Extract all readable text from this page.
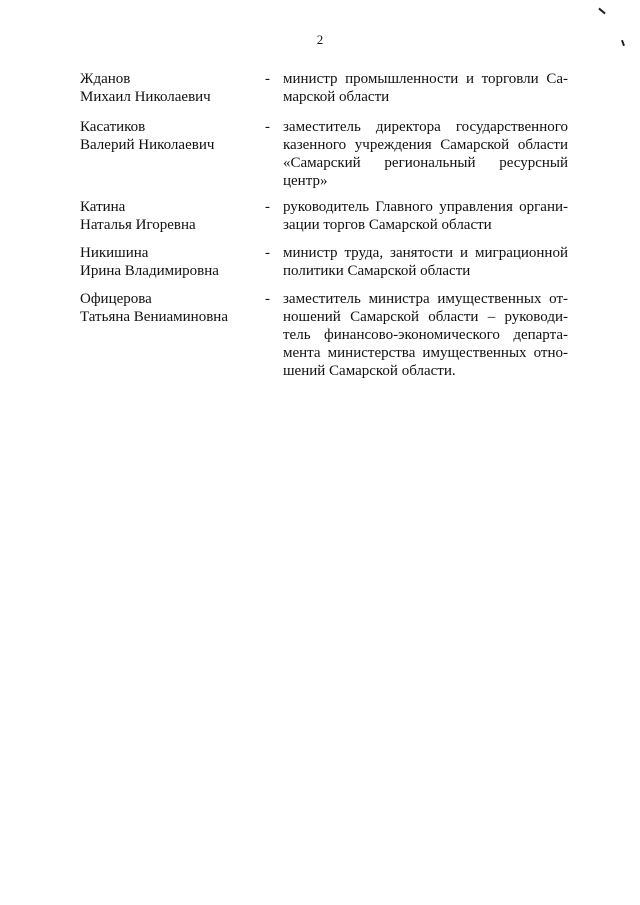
2
Жданов
Михаил Николаевич
- министр промышленности и торговли Са-
марской области
Касатиков
Валерий Николаевич
- заместитель директора государственного
казенного учреждения Самарской области
«Самарский региональный ресурсный
центр»
Катина
Наталья Игоревна
- руководитель Главного управления органи-
зации торгов Самарской области
Никишина
Ирина Владимировна
- министр труда, занятости и миграционной
политики Самарской области
Офицерова
Татьяна Вениаминовна
- заместитель министра имущественных от-
ношений Самарской области – руководи-
тель финансово-экономического департа-
мента министерства имущественных отно-
шений Самарской области.
